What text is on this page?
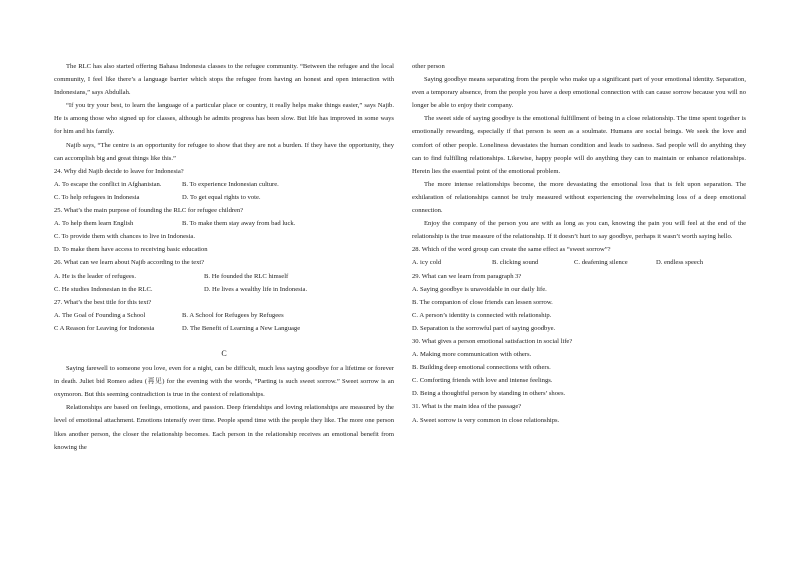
The RLC has also started offering Bahasa Indonesia classes to the refugee community. “Between the refugee and the local community, I feel like there’s a language barrier which stops the refugee from having an honest and open interaction with Indonesians,” says Abdullah.

“If you try your best, to learn the language of a particular place or country, it really helps make things easier,” says Najib. He is among those who signed up for classes, although he admits progress has been slow. But life has improved in some ways for him and his family.

Najib says, “The centre is an opportunity for refugee to show that they are not a burden. If they have the opportunity, they can accomplish big and great things like this.”

24. Why did Najib decide to leave for Indonesia?

A. To escape the conflict in Afghanistan.	B. To experience Indonesian culture.
C. To help refugees in Indonesia	D. To get equal rights to vote.

25. What’s the main purpose of founding the RLC for refugee children?

A. To help them learn English	B. To make them stay away from bad luck.

C. To provide them with chances to live in Indonesia.

D. To make them have access to receiving basic education

26. What can we learn about Najib according to the text?

A. He is the leader of refugees.	B. He founded the RLC himself
C. He studies Indonesian in the RLC.	D. He lives a wealthy life in Indonesia.

27. What’s the best title for this text?

A. The Goal of Founding a School	B. A School for Refugees by Refugees
C A Reason for Leaving for Indonesia	D. The Benefit of Learning a New Language
C

Saying farewell to someone you love, even for a night, can be difficult, much less saying goodbye for a lifetime or forever in death. Juliet bid Romeo adieu (再见) for the evening with the words, “Parting is such sweet sorrow.” Sweet sorrow is an oxymoron. But this seeming contradiction is true in the context of relationships.

Relationships are based on feelings, emotions, and passion. Deep friendships and loving relationships are measured by the level of emotional attachment. Emotions intensify over time. People spend time with the people they like. The more one person likes another person, the closer the relationship becomes. Each person in the relationship receives an emotional benefit from knowing the

other person

Saying goodbye means separating from the people who make up a significant part of your emotional identity. Separation, even a temporary absence, from the people you have a deep emotional connection with can cause sorrow because you will no longer be able to enjoy their company.

The sweet side of saying goodbye is the emotional fulfillment of being in a close relationship. The time spent together is emotionally rewarding, especially if that person is seen as a soulmate. Humans are social beings. We seek the love and comfort of other people. Loneliness devastates the human condition and leads to sadness. Sad people will do anything they can to find fulfilling relationships. Likewise, happy people will do anything they can to maintain or enhance relationships. Herein lies the essential point of the emotional problem.

The more intense relationships become, the more devastating the emotional loss that is felt upon separation. The exhilaration of relationships cannot be truly measured without experiencing the overwhelming loss of a deep emotional connection.

Enjoy the company of the person you are with as long as you can, knowing the pain you will feel at the end of the relationship is the true measure of the relationship. If it doesn’t hurt to say goodbye, perhaps it wasn’t worth saying hello.

28. Which of the word group can create the same effect as “sweet sorrow”?

A. icy cold	B. clicking sound	C. deafening silence	D. endless speech

29. What can we learn from paragraph 3?

A. Saying goodbye is unavoidable in our daily life.

B. The companion of close friends can lessen sorrow.

C. A person’s identity is connected with relationship.

D. Separation is the sorrowful part of saying goodbye.

30. What gives a person emotional satisfaction in social life?

A. Making more communication with others.

B. Building deep emotional connections with others.

C. Comforting friends with love and intense feelings.

D. Being a thoughtful person by standing in others’ shoes.

31. What is the main idea of the passage?

A. Sweet sorrow is very common in close relationships.
